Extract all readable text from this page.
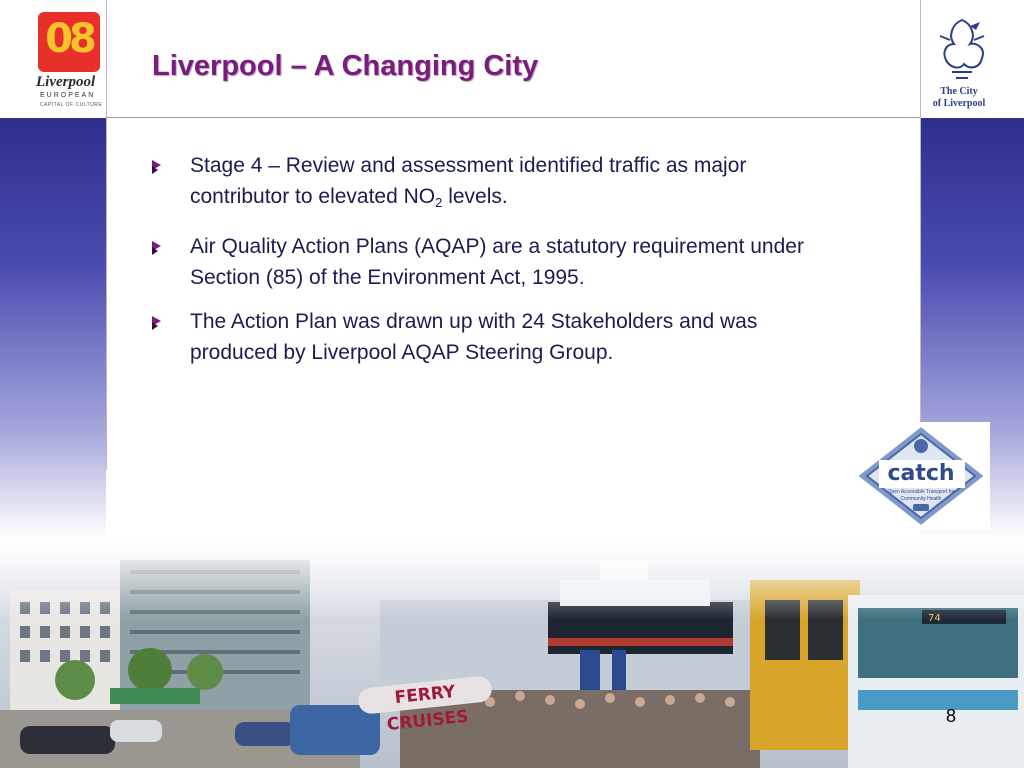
08
Liverpool
EUROPEAN
CAPITAL OF CULTURE
The City
of Liverpool
Liverpool – A Changing City
Stage 4 – Review and assessment identified traffic as major contributor to elevated $NO_2$ levels.
Air Quality Action Plans (AQAP) are a statutory requirement under Section (85) of the Environment Act, 1995.
The Action Plan was drawn up with 24 Stakeholders and was produced by Liverpool AQAP Steering Group.
catch
Open Accessible Transport for
Community Health
FERRY CRUISES	8
